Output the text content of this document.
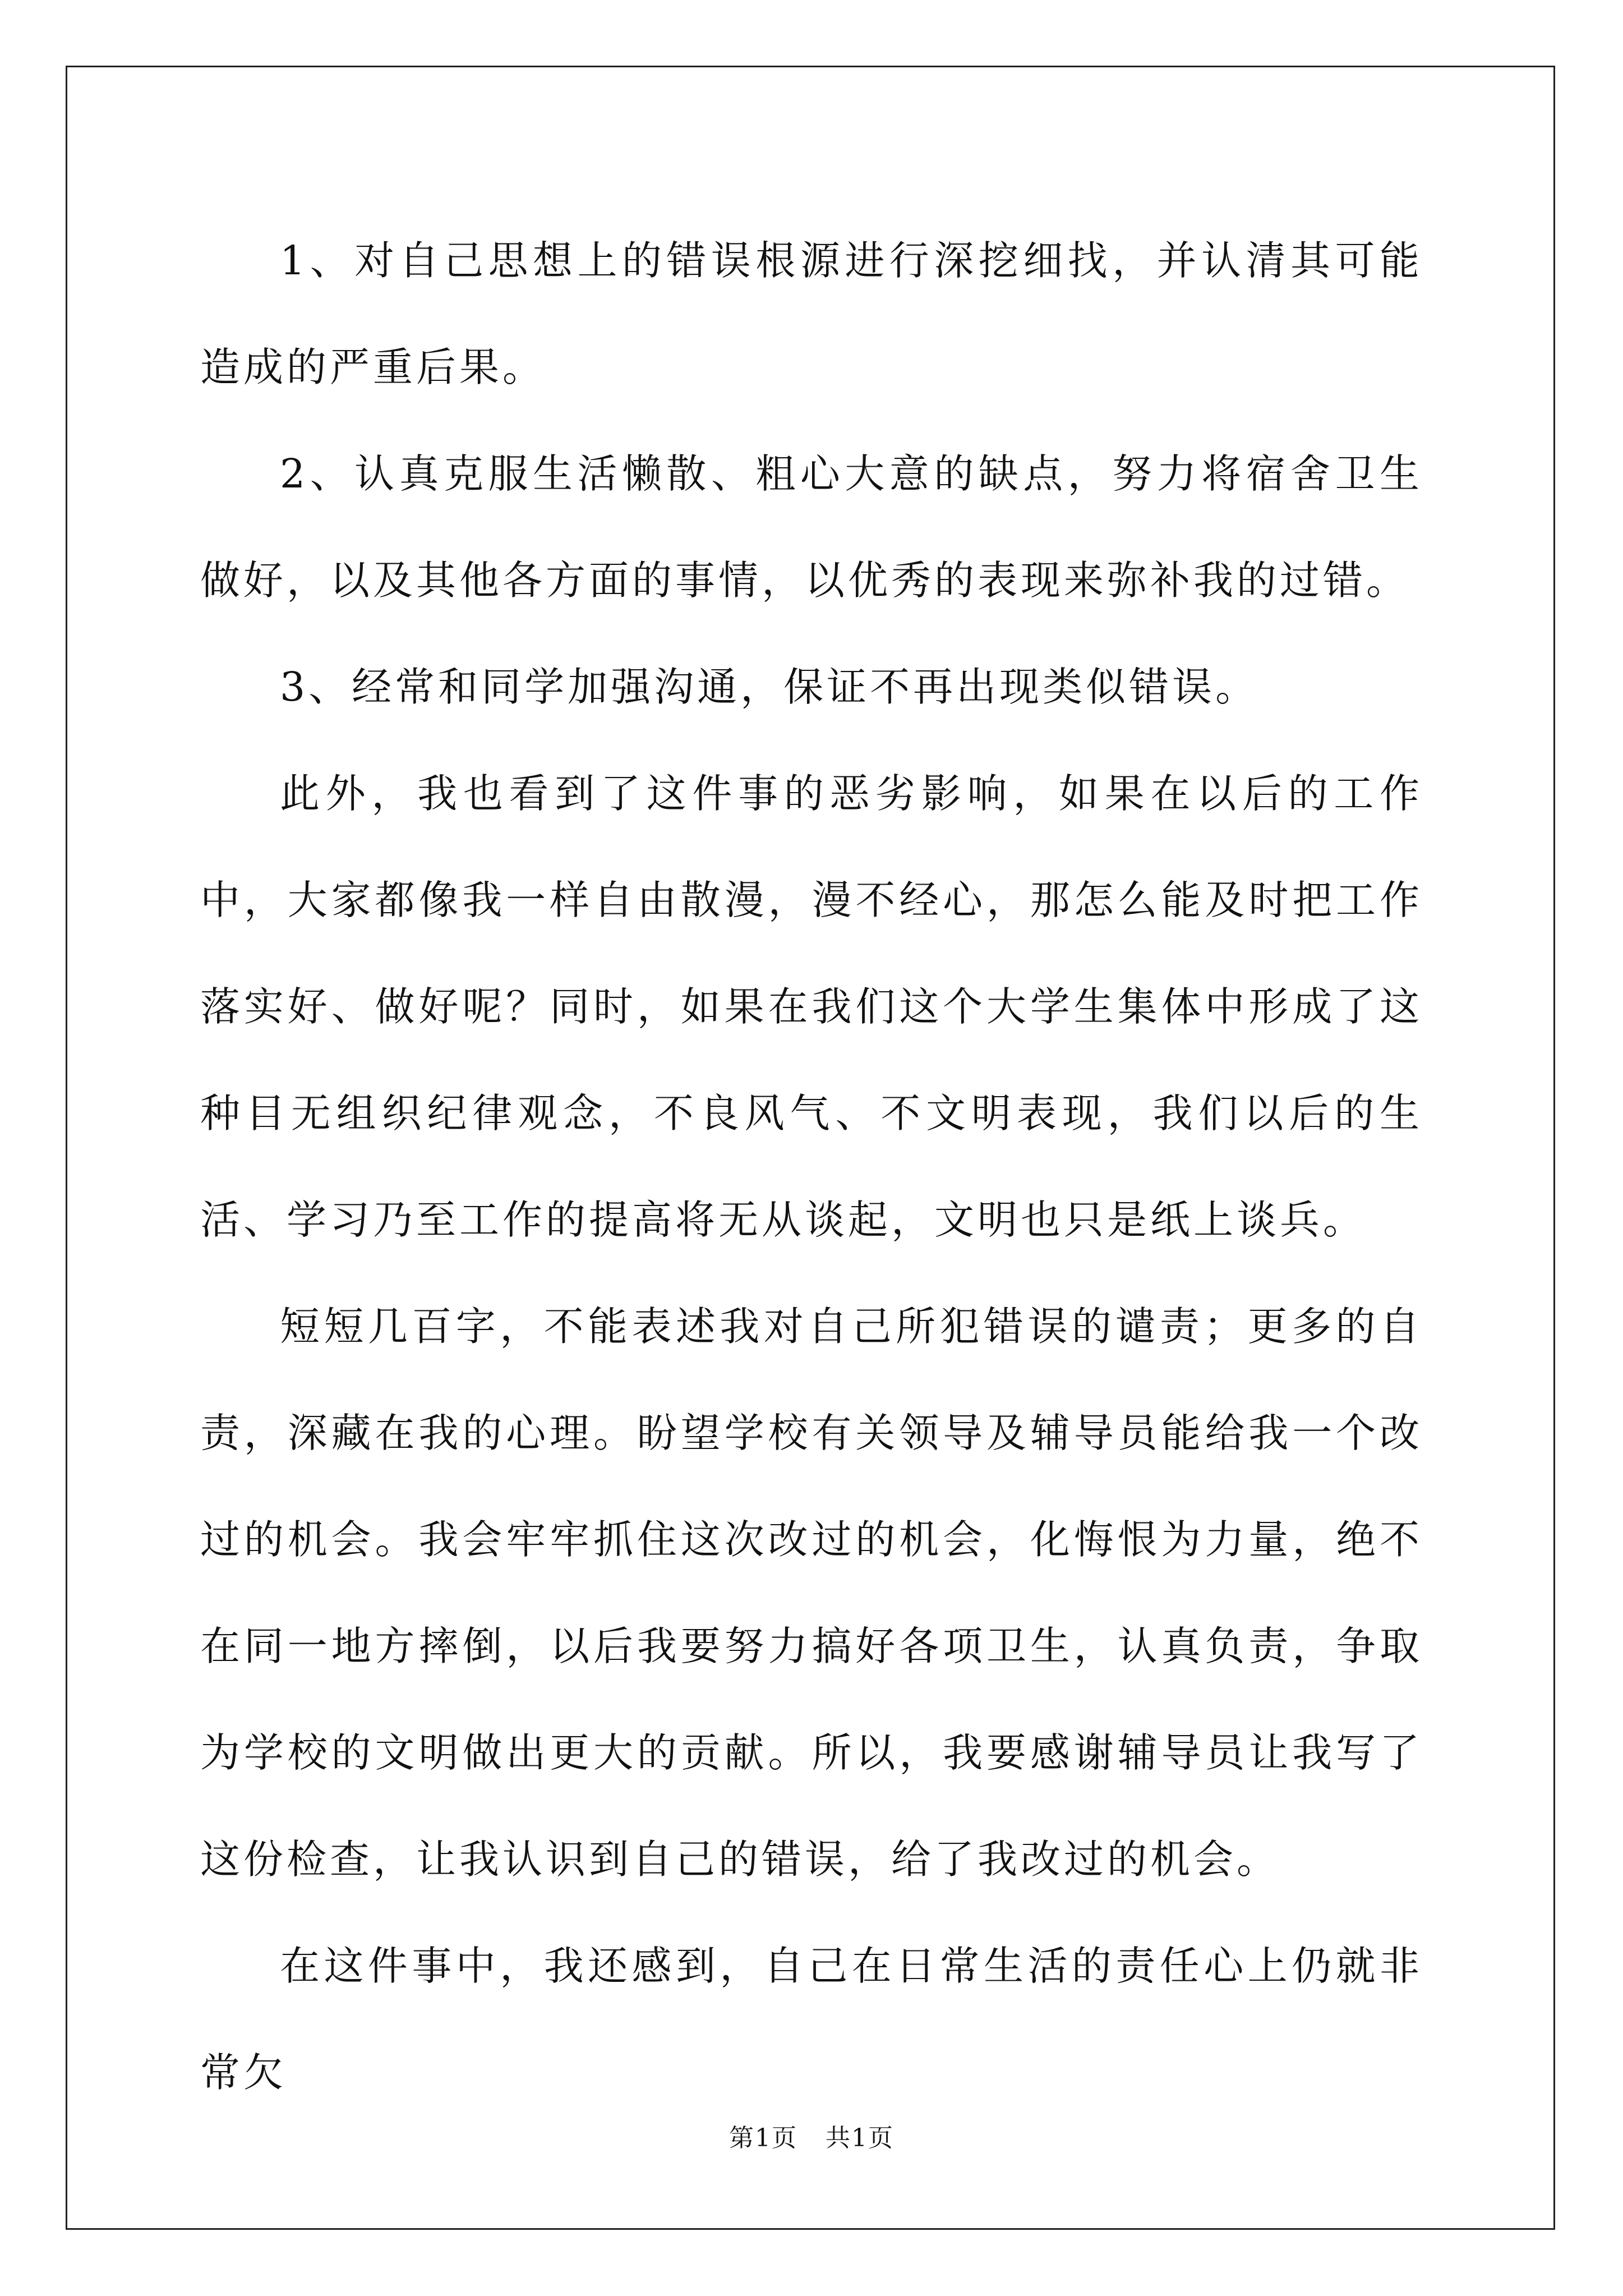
1、对自己思想上的错误根源进行深挖细找，并认清其可能造成的严重后果。

2、认真克服生活懒散、粗心大意的缺点，努力将宿舍卫生做好，以及其他各方面的事情，以优秀的表现来弥补我的过错。

3、经常和同学加强沟通，保证不再出现类似错误。

此外，我也看到了这件事的恶劣影响，如果在以后的工作中，大家都像我一样自由散漫，漫不经心，那怎么能及时把工作落实好、做好呢？同时，如果在我们这个大学生集体中形成了这种目无组织纪律观念，不良风气、不文明表现，我们以后的生活、学习乃至工作的提高将无从谈起，文明也只是纸上谈兵。

短短几百字，不能表述我对自己所犯错误的谴责；更多的自责，深藏在我的心理。盼望学校有关领导及辅导员能给我一个改过的机会。我会牢牢抓住这次改过的机会，化悔恨为力量，绝不在同一地方摔倒，以后我要努力搞好各项卫生，认真负责，争取为学校的文明做出更大的贡献。所以，我要感谢辅导员让我写了这份检查，让我认识到自己的错误，给了我改过的机会。

在这件事中，我还感到，自己在日常生活的责任心上仍就非常欠

第1页 共1页
